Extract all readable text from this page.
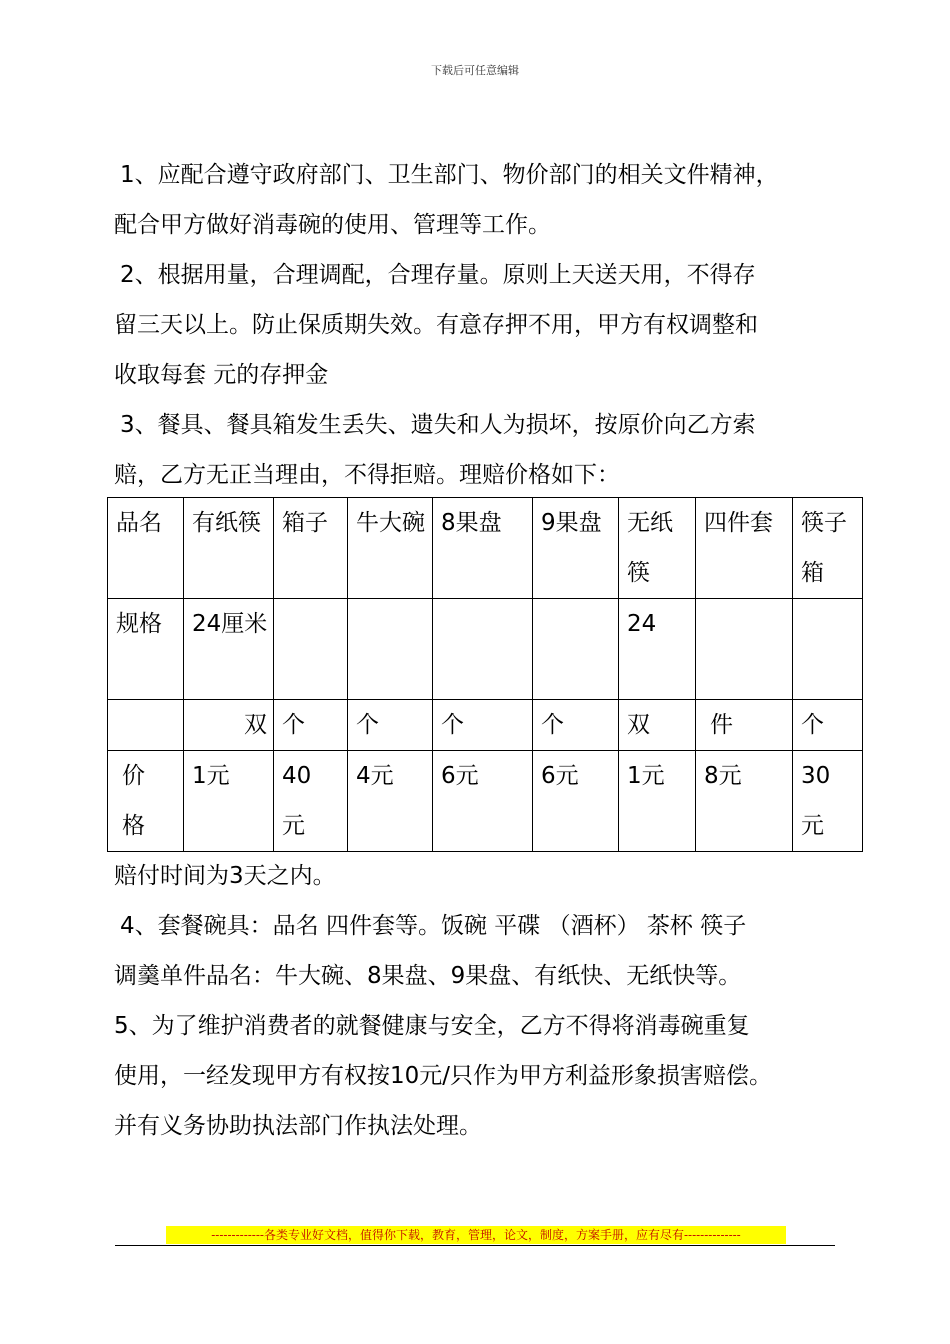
下载后可任意编辑
1、应配合遵守政府部门、卫生部门、物价部门的相关文件精神，
配合甲方做好消毒碗的使用、管理等工作。
2、根据用量，合理调配，合理存量。原则上天送天用，不得存
留三天以上。防止保质期失效。有意存押不用，甲方有权调整和
收取每套 元的存押金
3、餐具、餐具箱发生丢失、遗失和人为损坏，按原价向乙方索
赔，乙方无正当理由，不得拒赔。理赔价格如下：
品名	有纸筷	箱子	牛大碗	8果盘	9果盘	无纸筷	四件套	筷子箱
规格	24厘米					24		
	双	个	个	个	个	双	件	个
价格	1元	40元	4元	6元	6元	1元	8元	30元
赔付时间为3天之内。
4、套餐碗具：品名 四件套等。饭碗 平碟 （酒杯） 茶杯 筷子
调羹单件品名：牛大碗、8果盘、9果盘、有纸快、无纸快等。
5、为了维护消费者的就餐健康与安全，乙方不得将消毒碗重复
使用，一经发现甲方有权按10元/只作为甲方利益形象损害赔偿。
并有义务协助执法部门作执法处理。
-------------各类专业好文档，值得你下载，教育，管理，论文，制度，方案手册，应有尽有--------------
